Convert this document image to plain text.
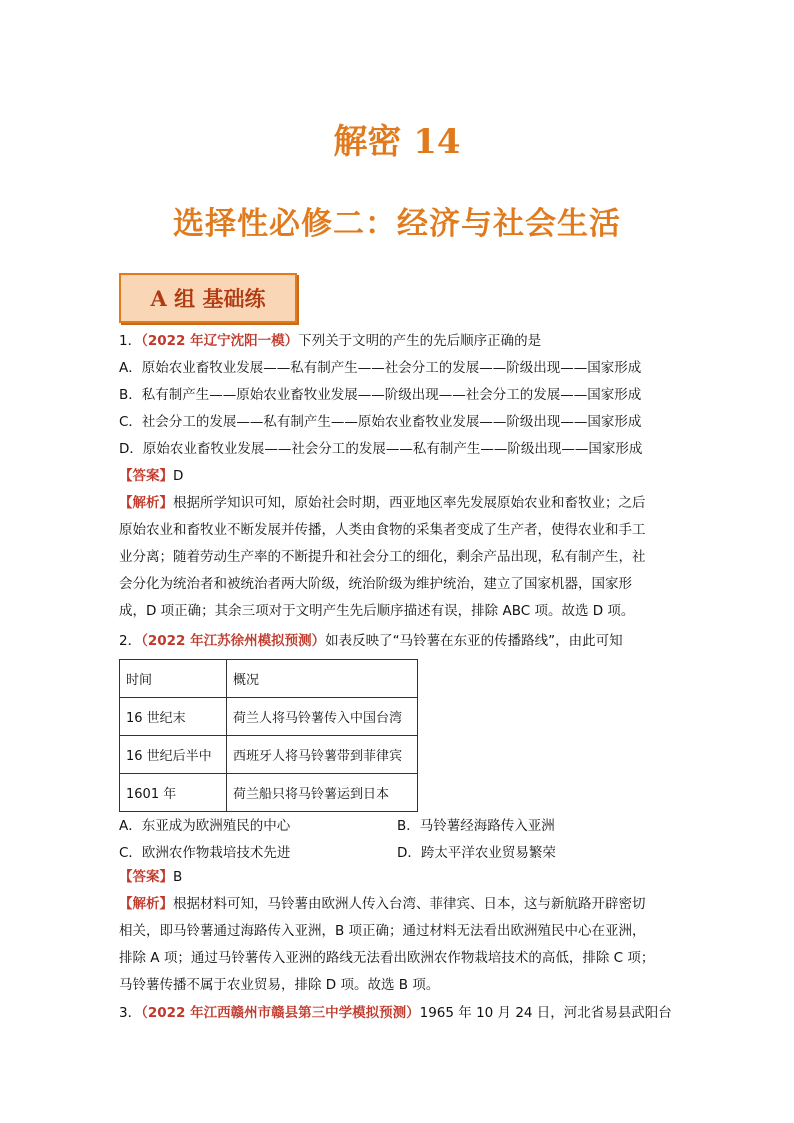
解密 14
选择性必修二：经济与社会生活
A 组 基础练
1．（2022 年辽宁沈阳一模）下列关于文明的产生的先后顺序正确的是
A．原始农业畜牧业发展——私有制产生——社会分工的发展——阶级出现——国家形成
B．私有制产生——原始农业畜牧业发展——阶级出现——社会分工的发展——国家形成
C．社会分工的发展——私有制产生——原始农业畜牧业发展——阶级出现——国家形成
D．原始农业畜牧业发展——社会分工的发展——私有制产生——阶级出现——国家形成
【答案】D
【解析】根据所学知识可知，原始社会时期，西亚地区率先发展原始农业和畜牧业；之后
原始农业和畜牧业不断发展并传播，人类由食物的采集者变成了生产者，使得农业和手工
业分离；随着劳动生产率的不断提升和社会分工的细化，剩余产品出现，私有制产生，社
会分化为统治者和被统治者两大阶级，统治阶级为维护统治，建立了国家机器，国家形
成，D 项正确；其余三项对于文明产生先后顺序描述有误，排除 ABC 项。故选 D 项。
2．（2022 年江苏徐州模拟预测）如表反映了“马铃薯在东亚的传播路线”，由此可知
时间	概况
16 世纪末	荷兰人将马铃薯传入中国台湾
16 世纪后半中	西班牙人将马铃薯带到菲律宾
1601 年	荷兰船只将马铃薯运到日本
A．东亚成为欧洲殖民的中心	B．马铃薯经海路传入亚洲
C．欧洲农作物栽培技术先进	D．跨太平洋农业贸易繁荣
【答案】B
【解析】根据材料可知，马铃薯由欧洲人传入台湾、菲律宾、日本，这与新航路开辟密切
相关，即马铃薯通过海路传入亚洲，B 项正确；通过材料无法看出欧洲殖民中心在亚洲，
排除 A 项；通过马铃薯传入亚洲的路线无法看出欧洲农作物栽培技术的高低，排除 C 项；
马铃薯传播不属于农业贸易，排除 D 项。故选 B 项。
3．（2022 年江西赣州市赣县第三中学模拟预测）1965 年 10 月 24 日，河北省易县武阳台
